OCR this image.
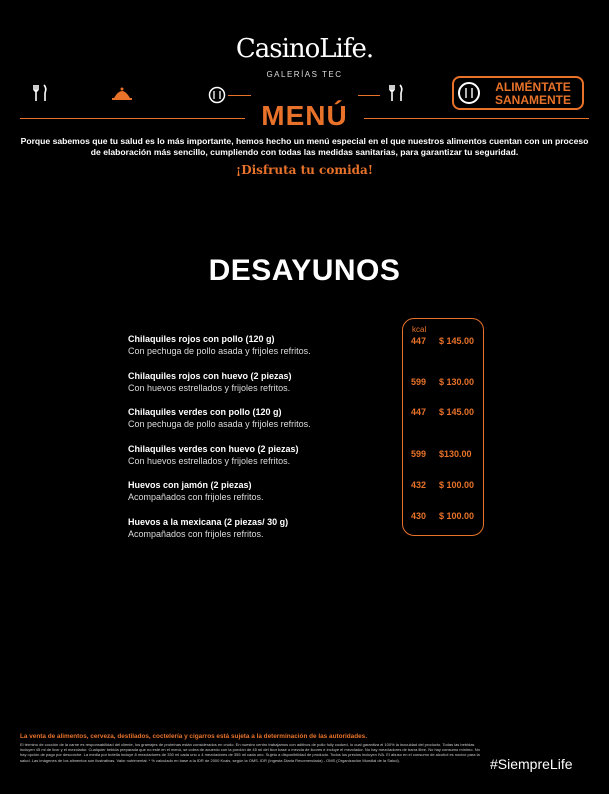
CasinoLife.
GALERÍAS TEC
MENÚ
ALIMÉNTATE
SANAMENTE
Porque sabemos que tu salud es lo más importante, hemos hecho un menú especial en el que nuestros alimentos cuentan con un proceso de elaboración más sencillo, cumpliendo con todas las medidas sanitarias, para garantizar tu seguridad.
¡Disfruta tu comida!
DESAYUNOS
Chilaquiles rojos con pollo (120 g)
Con pechuga de pollo asada y frijoles refritos.
Chilaquiles rojos con huevo (2 piezas)
Con huevos estrellados y frijoles refritos.
Chilaquiles verdes con pollo (120 g)
Con pechuga de pollo asada y frijoles refritos.
Chilaquiles verdes con huevo (2 piezas)
Con huevos estrellados y frijoles refritos.
Huevos con jamón (2 piezas)
Acompañados con frijoles refritos.
Huevos a la mexicana (2 piezas/ 30 g)
Acompañados con frijoles refritos.
kcal
447 $ 145.00
599 $ 130.00
447 $ 145.00
599 $130.00
432 $ 100.00
430 $ 100.00
La venta de alimentos, cerveza, destilados, coctelería y cigarros está sujeta a la determinación de las autoridades.
El término de cocción de la carne es responsabilidad del cliente, los gramajes de proteínas están considerados en crudo. En nuestro centro trabajamos con aditivos de pollo fully cooked, lo cual garantiza el 100% la inocuidad del producto. Todas las bebidas incluyen 45 ml de licor y el mezclador. Cualquier bebida preparada que no esté en el menú, se cobra de acuerdo con la porción de 45 ml del licor base o mezcla de licores e incluye el mezclador. No hay mezcladores de barra libre. No hay consumo mínimo. No hay opción de pago por descorche. La media por botella incluye 8 mezcladores de 330 ml cada uno o 4 mezcladores de 355 ml cada uno. Sujeto a disponibilidad de producto. Todos los precios incluyen IVA. El abuso en el consumo de alcohol es nocivo para la salud. Las imágenes de los alimentos son ilustrativas. Valor nutrimental: * % calculado en base a la IDR de 2000 Kcals, según la OMS. IDR (Ingesta Diaria Recomendada) - OMS (Organización Mundial de la Salud).	#SiempreLife
